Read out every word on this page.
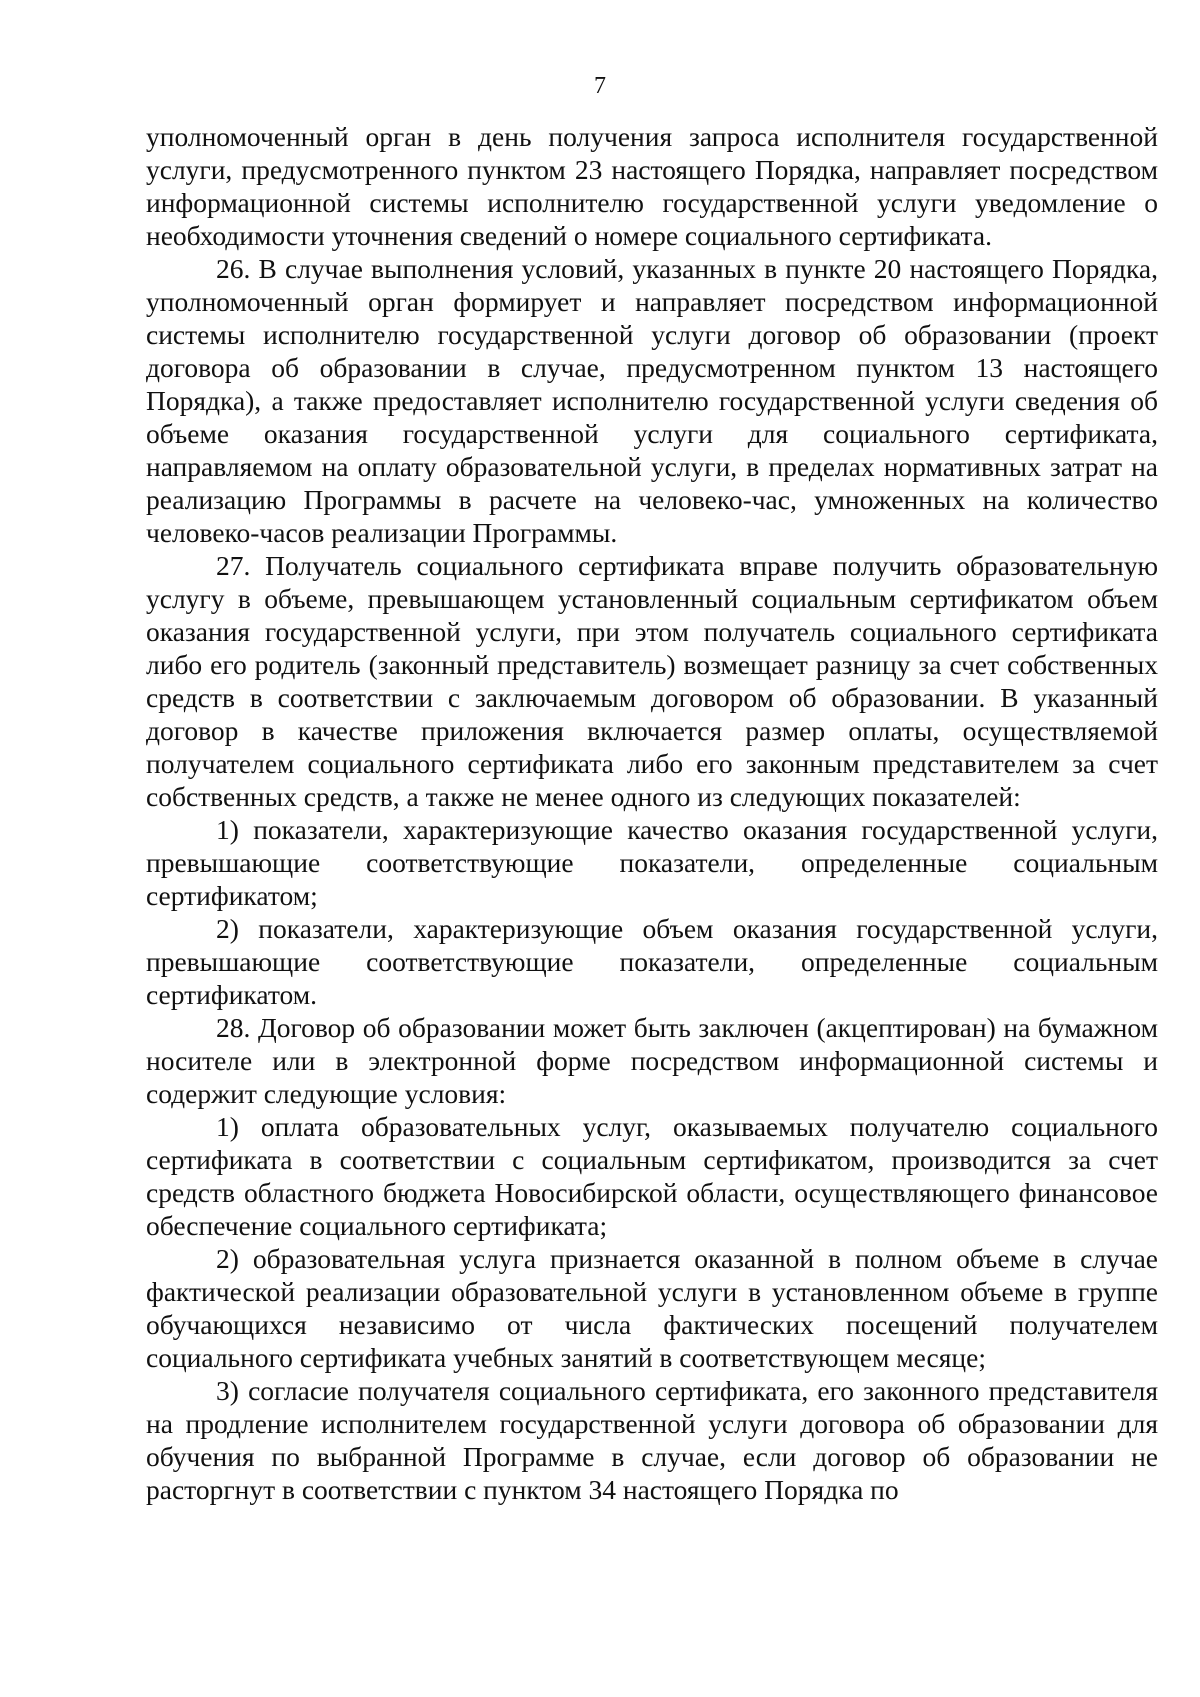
7

уполномоченный орган в день получения запроса исполнителя государственной услуги, предусмотренного пунктом 23 настоящего Порядка, направляет посредством информационной системы исполнителю государственной услуги уведомление о необходимости уточнения сведений о номере социального сертификата.

26. В случае выполнения условий, указанных в пункте 20 настоящего Порядка, уполномоченный орган формирует и направляет посредством информационной системы исполнителю государственной услуги договор об образовании (проект договора об образовании в случае, предусмотренном пунктом 13 настоящего Порядка), а также предоставляет исполнителю государственной услуги сведения об объеме оказания государственной услуги для социального сертификата, направляемом на оплату образовательной услуги, в пределах нормативных затрат на реализацию Программы в расчете на человеко-час, умноженных на количество человеко-часов реализации Программы.

27. Получатель социального сертификата вправе получить образовательную услугу в объеме, превышающем установленный социальным сертификатом объем оказания государственной услуги, при этом получатель социального сертификата либо его родитель (законный представитель) возмещает разницу за счет собственных средств в соответствии с заключаемым договором об образовании. В указанный договор в качестве приложения включается размер оплаты, осуществляемой получателем социального сертификата либо его законным представителем за счет собственных средств, а также не менее одного из следующих показателей:

1) показатели, характеризующие качество оказания государственной услуги, превышающие соответствующие показатели, определенные социальным сертификатом;

2) показатели, характеризующие объем оказания государственной услуги, превышающие соответствующие показатели, определенные социальным сертификатом.

28. Договор об образовании может быть заключен (акцептирован) на бумажном носителе или в электронной форме посредством информационной системы и содержит следующие условия:

1) оплата образовательных услуг, оказываемых получателю социального сертификата в соответствии с социальным сертификатом, производится за счет средств областного бюджета Новосибирской области, осуществляющего финансовое обеспечение социального сертификата;

2) образовательная услуга признается оказанной в полном объеме в случае фактической реализации образовательной услуги в установленном объеме в группе обучающихся независимо от числа фактических посещений получателем социального сертификата учебных занятий в соответствующем месяце;

3) согласие получателя социального сертификата, его законного представителя на продление исполнителем государственной услуги договора об образовании для обучения по выбранной Программе в случае, если договор об образовании не расторгнут в соответствии с пунктом 34 настоящего Порядка по
